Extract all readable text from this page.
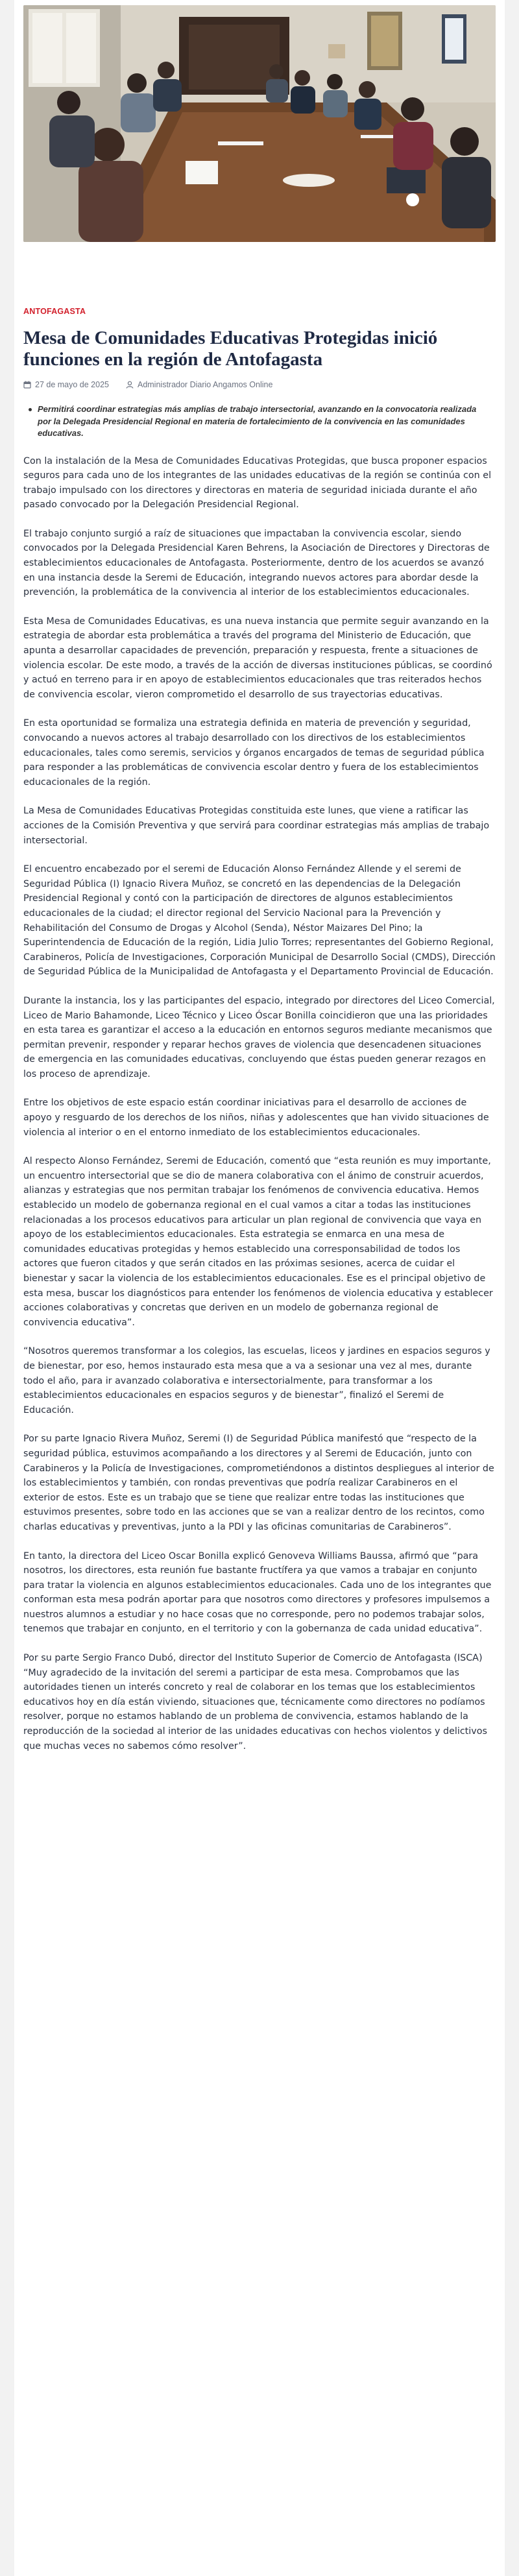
ANTOFAGASTA
Mesa de Comunidades Educativas Protegidas inició funciones en la región de Antofagasta
27 de mayo de 2025	Administrador Diario Angamos Online
Permitirá coordinar estrategias más amplias de trabajo intersectorial, avanzando en la convocatoria realizada por la Delegada Presidencial Regional en materia de fortalecimiento de la convivencia en las comunidades educativas.

Con la instalación de la Mesa de Comunidades Educativas Protegidas, que busca proponer espacios seguros para cada uno de los integrantes de las unidades educativas de la región se continúa con el trabajo impulsado con los directores y directoras en materia de seguridad iniciada durante el año pasado convocado por la Delegación Presidencial Regional.

El trabajo conjunto surgió a raíz de situaciones que impactaban la convivencia escolar, siendo convocados por la Delegada Presidencial Karen Behrens, la Asociación de Directores y Directoras de establecimientos educacionales de Antofagasta. Posteriormente, dentro de los acuerdos se avanzó en una instancia desde la Seremi de Educación, integrando nuevos actores para abordar desde la prevención, la problemática de la convivencia al interior de los establecimientos educacionales.

Esta Mesa de Comunidades Educativas, es una nueva instancia que permite seguir avanzando en la estrategia de abordar esta problemática a través del programa del Ministerio de Educación, que apunta a desarrollar capacidades de prevención, preparación y respuesta, frente a situaciones de violencia escolar. De este modo, a través de la acción de diversas instituciones públicas, se coordinó y actuó en terreno para ir en apoyo de establecimientos educacionales que tras reiterados hechos de convivencia escolar, vieron comprometido el desarrollo de sus trayectorias educativas.

En esta oportunidad se formaliza una estrategia definida en materia de prevención y seguridad, convocando a nuevos actores al trabajo desarrollado con los directivos de los establecimientos educacionales, tales como seremis, servicios y órganos encargados de temas de seguridad pública para responder a las problemáticas de convivencia escolar dentro y fuera de los establecimientos educacionales de la región.

La Mesa de Comunidades Educativas Protegidas constituida este lunes, que viene a ratificar las acciones de la Comisión Preventiva y que servirá para coordinar estrategias más amplias de trabajo intersectorial.

El encuentro encabezado por el seremi de Educación Alonso Fernández Allende y el seremi de Seguridad Pública (I) Ignacio Rivera Muñoz, se concretó en las dependencias de la Delegación Presidencial Regional y contó con la participación de directores de algunos establecimientos educacionales de la ciudad; el director regional del Servicio Nacional para la Prevención y Rehabilitación del Consumo de Drogas y Alcohol (Senda), Néstor Maizares Del Pino; la Superintendencia de Educación de la región, Lidia Julio Torres; representantes del Gobierno Regional, Carabineros, Policía de Investigaciones, Corporación Municipal de Desarrollo Social (CMDS), Dirección de Seguridad Pública de la Municipalidad de Antofagasta y el Departamento Provincial de Educación.

Durante la instancia, los y las participantes del espacio, integrado por directores del Liceo Comercial, Liceo de Mario Bahamonde, Liceo Técnico y Liceo Óscar Bonilla coincidieron que una las prioridades en esta tarea es garantizar el acceso a la educación en entornos seguros mediante mecanismos que permitan prevenir, responder y reparar hechos graves de violencia que desencadenen situaciones de emergencia en las comunidades educativas, concluyendo que éstas pueden generar rezagos en los proceso de aprendizaje.

Entre los objetivos de este espacio están coordinar iniciativas para el desarrollo de acciones de apoyo y resguardo de los derechos de los niños, niñas y adolescentes que han vivido situaciones de violencia al interior o en el entorno inmediato de los establecimientos educacionales.

Al respecto Alonso Fernández, Seremi de Educación, comentó que “esta reunión es muy importante, un encuentro intersectorial que se dio de manera colaborativa con el ánimo de construir acuerdos, alianzas y estrategias que nos permitan trabajar los fenómenos de convivencia educativa. Hemos establecido un modelo de gobernanza regional en el cual vamos a citar a todas las instituciones relacionadas a los procesos educativos para articular un plan regional de convivencia que vaya en apoyo de los establecimientos educacionales. Esta estrategia se enmarca en una mesa de comunidades educativas protegidas y hemos establecido una corresponsabilidad de todos los actores que fueron citados y que serán citados en las próximas sesiones, acerca de cuidar el bienestar y sacar la violencia de los establecimientos educacionales. Ese es el principal objetivo de esta mesa, buscar los diagnósticos para entender los fenómenos de violencia educativa y establecer acciones colaborativas y concretas que deriven en un modelo de gobernanza regional de convivencia educativa”.

“Nosotros queremos transformar a los colegios, las escuelas, liceos y jardines en espacios seguros y de bienestar, por eso, hemos instaurado esta mesa que a va a sesionar una vez al mes, durante todo el año, para ir avanzado colaborativa e intersectorialmente, para transformar a los establecimientos educacionales en espacios seguros y de bienestar”, finalizó el Seremi de Educación.

Por su parte Ignacio Rivera Muñoz, Seremi (I) de Seguridad Pública manifestó que “respecto de la seguridad pública, estuvimos acompañando a los directores y al Seremi de Educación, junto con Carabineros y la Policía de Investigaciones, comprometiéndonos a distintos despliegues al interior de los establecimientos y también, con rondas preventivas que podría realizar Carabineros en el exterior de estos. Este es un trabajo que se tiene que realizar entre todas las instituciones que estuvimos presentes, sobre todo en las acciones que se van a realizar dentro de los recintos, como charlas educativas y preventivas, junto a la PDI y las oficinas comunitarias de Carabineros”.

En tanto, la directora del Liceo Oscar Bonilla explicó Genoveva Williams Baussa, afirmó que “para nosotros, los directores, esta reunión fue bastante fructífera ya que vamos a trabajar en conjunto para tratar la violencia en algunos establecimientos educacionales. Cada uno de los integrantes que conforman esta mesa podrán aportar para que nosotros como directores y profesores impulsemos a nuestros alumnos a estudiar y no hace cosas que no corresponde, pero no podemos trabajar solos, tenemos que trabajar en conjunto, en el territorio y con la gobernanza de cada unidad educativa”.

Por su parte Sergio Franco Dubó, director del Instituto Superior de Comercio de Antofagasta (ISCA) “Muy agradecido de la invitación del seremi a participar de esta mesa. Comprobamos que las autoridades tienen un interés concreto y real de colaborar en los temas que los establecimientos educativos hoy en día están viviendo, situaciones que, técnicamente como directores no podíamos resolver, porque no estamos hablando de un problema de convivencia, estamos hablando de la reproducción de la sociedad al interior de las unidades educativas con hechos violentos y delictivos que muchas veces no sabemos cómo resolver”.
